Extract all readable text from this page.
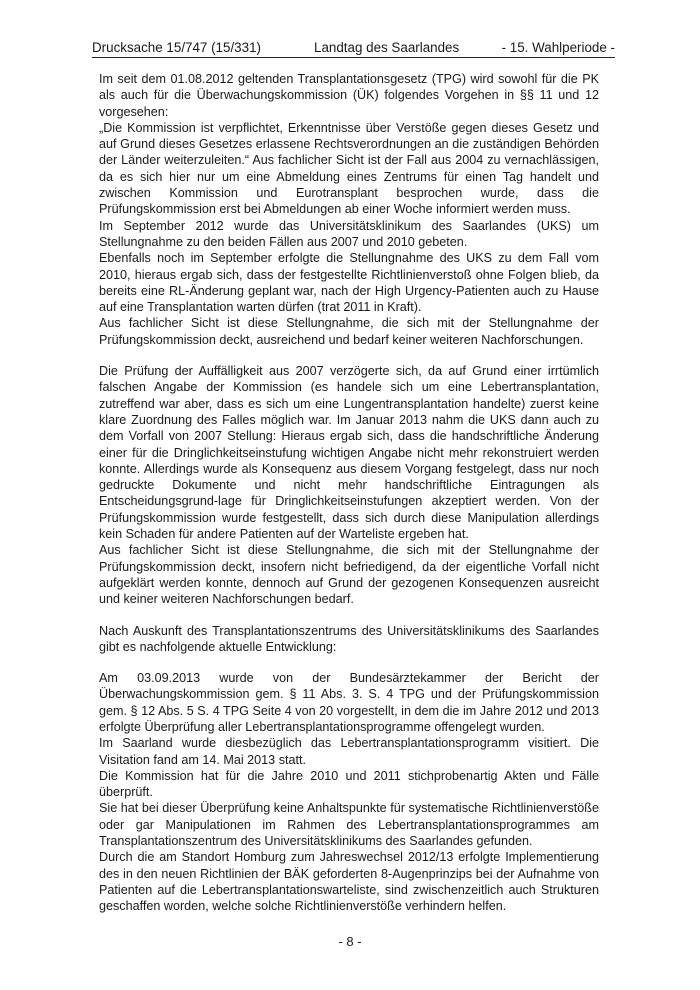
Drucksache 15/747 (15/331)	Landtag des Saarlandes	- 15. Wahlperiode -

Im seit dem 01.08.2012 geltenden Transplantationsgesetz (TPG) wird sowohl für die PK als auch für die Überwachungskommission (ÜK) folgendes Vorgehen in §§ 11 und 12 vorgesehen:

„Die Kommission ist verpflichtet, Erkenntnisse über Verstöße gegen dieses Gesetz und auf Grund dieses Gesetzes erlassene Rechtsverordnungen an die zuständigen Behörden der Länder weiterzuleiten.“ Aus fachlicher Sicht ist der Fall aus 2004 zu vernachlässigen, da es sich hier nur um eine Abmeldung eines Zentrums für einen Tag handelt und zwischen Kommission und Eurotransplant besprochen wurde, dass die Prüfungskommission erst bei Abmeldungen ab einer Woche informiert werden muss.

Im September 2012 wurde das Universitätsklinikum des Saarlandes (UKS) um Stellungnahme zu den beiden Fällen aus 2007 und 2010 gebeten.

Ebenfalls noch im September erfolgte die Stellungnahme des UKS zu dem Fall vom 2010, hieraus ergab sich, dass der festgestellte Richtlinienverstoß ohne Folgen blieb, da bereits eine RL-Änderung geplant war, nach der High Urgency-Patienten auch zu Hause auf eine Transplantation warten dürfen (trat 2011 in Kraft).

Aus fachlicher Sicht ist diese Stellungnahme, die sich mit der Stellungnahme der Prüfungskommission deckt, ausreichend und bedarf keiner weiteren Nachforschungen.

Die Prüfung der Auffälligkeit aus 2007 verzögerte sich, da auf Grund einer irrtümlich falschen Angabe der Kommission (es handele sich um eine Lebertransplantation, zutreffend war aber, dass es sich um eine Lungentransplantation handelte) zuerst keine klare Zuordnung des Falles möglich war. Im Januar 2013 nahm die UKS dann auch zu dem Vorfall von 2007 Stellung: Hieraus ergab sich, dass die handschriftliche Änderung einer für die Dringlichkeitseinstufung wichtigen Angabe nicht mehr rekonstruiert werden konnte. Allerdings wurde als Konsequenz aus diesem Vorgang festgelegt, dass nur noch gedruckte Dokumente und nicht mehr handschriftliche Eintragungen als Entscheidungsgrund-lage für Dringlichkeitseinstufungen akzeptiert werden. Von der Prüfungskommission wurde festgestellt, dass sich durch diese Manipulation allerdings kein Schaden für andere Patienten auf der Warteliste ergeben hat.

Aus fachlicher Sicht ist diese Stellungnahme, die sich mit der Stellungnahme der Prüfungskommission deckt, insofern nicht befriedigend, da der eigentliche Vorfall nicht aufgeklärt werden konnte, dennoch auf Grund der gezogenen Konsequenzen ausreicht und keiner weiteren Nachforschungen bedarf.

Nach Auskunft des Transplantationszentrums des Universitätsklinikums des Saarlandes gibt es nachfolgende aktuelle Entwicklung:

Am 03.09.2013 wurde von der Bundesärztekammer der Bericht der Überwachungskommission gem. § 11 Abs. 3. S. 4 TPG und der Prüfungskommission gem. § 12 Abs. 5 S. 4 TPG Seite 4 von 20 vorgestellt, in dem die im Jahre 2012 und 2013 erfolgte Überprüfung aller Lebertransplantationsprogramme offengelegt wurden.

Im Saarland wurde diesbezüglich das Lebertransplantationsprogramm visitiert. Die Visitation fand am 14. Mai 2013 statt.

Die Kommission hat für die Jahre 2010 und 2011 stichprobenartig Akten und Fälle überprüft.

Sie hat bei dieser Überprüfung keine Anhaltspunkte für systematische Richtlinienverstöße oder gar Manipulationen im Rahmen des Lebertransplantationsprogrammes am Transplantationszentrum des Universitätsklinikums des Saarlandes gefunden.

Durch die am Standort Homburg zum Jahreswechsel 2012/13 erfolgte Implementierung des in den neuen Richtlinien der BÄK geforderten 8-Augenprinzips bei der Aufnahme von Patienten auf die Lebertransplantationswarteliste, sind zwischenzeitlich auch Strukturen geschaffen worden, welche solche Richtlinienverstöße verhindern helfen.

- 8 -
